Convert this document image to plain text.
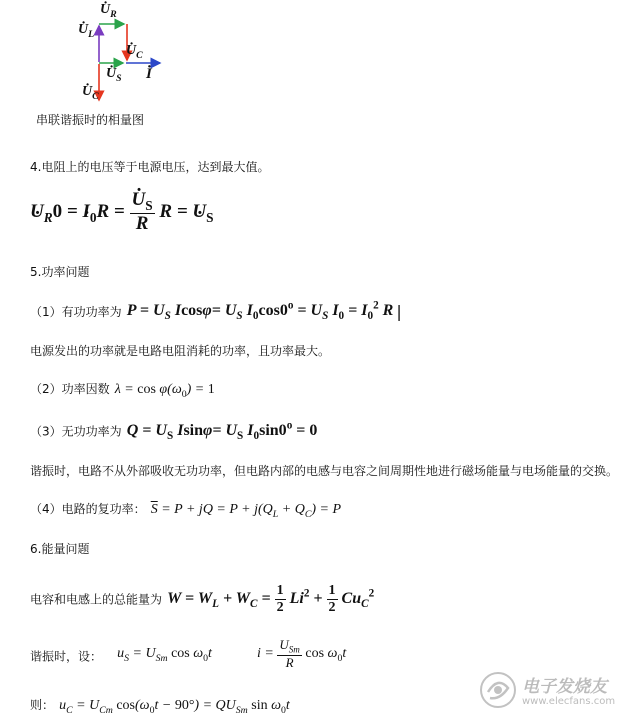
· $U_R$
· $U_L$
· $U_C$
· $U_S \cdot I$
· $U_C$
串联谐振时的相量图
4.电阻上的电压等于电源电压，达到最大值。
· $U_R0$ = · $I_0R$ = · $\frac{U_S}{R}$ R = · $U_S$
5.功率问题
（1）有功功率为 $P = U_S$ $Icos\varphi= U_S$ $I_0\cos 0^o = U_S$ $I_0 = I_0^2$ R |
电源发出的功率就是电路电阻消耗的功率，且功率最大。
（2）功率因数 $\lambda = \cos \varphi(\omega_0) = 1$
（3）无功功率为 $Q = U_S$ $Isin\varphi= U_S$ $I_0\sin 0^o = 0$
谐振时，电路不从外部吸收无功功率，但电路内部的电感与电容之间周期性地进行磁场能量与电场能量的交换。
（4）电路的复功率： $\overline{S} = P$ + jQ = $P + j(Q_L + Q_C) = P$
6.能量问题
电容和电感上的总能量为 $W = W_L + W_C = \frac{1}{2} Li^2 + \frac{1}{2} Cu_C^2$
谐振时，设： $u_S = U_{Sm}$ $\cos \omega_0t$	$i = \frac{U_{Sm}}{R}$ $\cos \omega_0t$
则： $u_C = U_{Cm}$ $\cos(\omega_0t - 90^\circ) = QU_{Sm}$ $\sin \omega_0t$
电子发烧友
www.elecfans.com
